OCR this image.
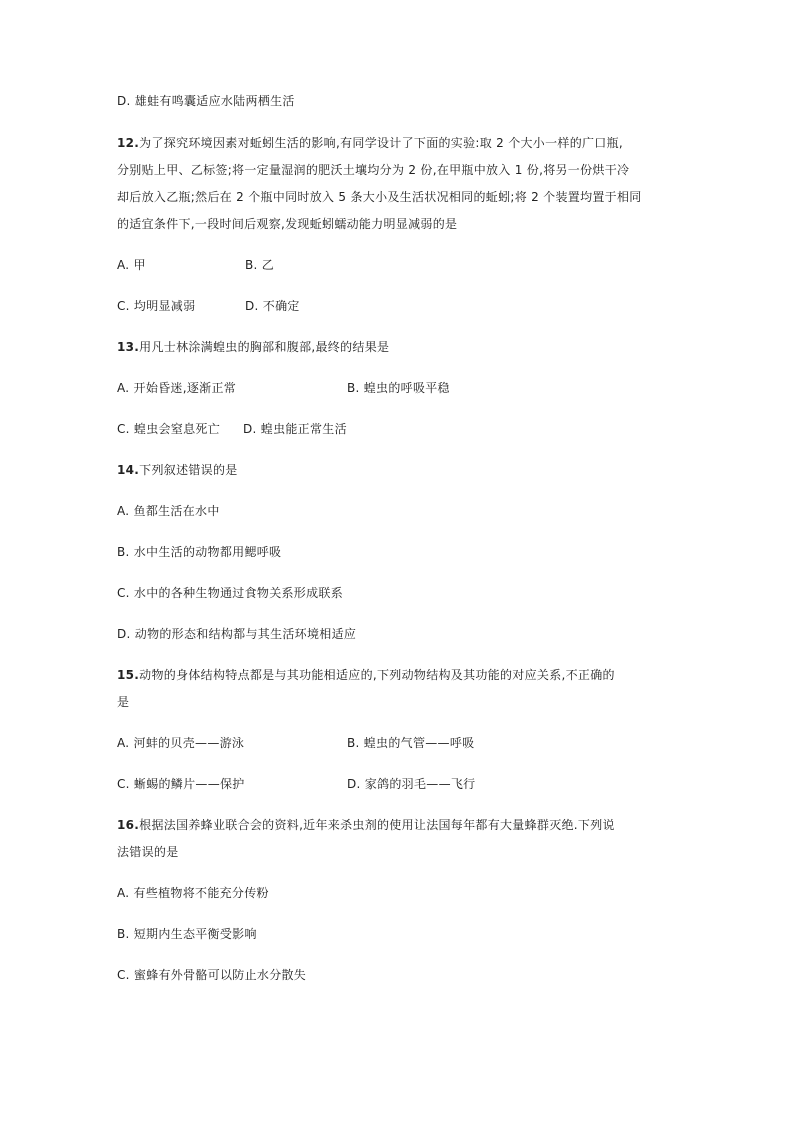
D. 雄蛙有鸣囊适应水陆两栖生活
12.为了探究环境因素对蚯蚓生活的影响,有同学设计了下面的实验:取 2 个大小一样的广口瓶,
分别贴上甲、乙标签;将一定量湿润的肥沃土壤均分为 2 份,在甲瓶中放入 1 份,将另一份烘干冷
却后放入乙瓶;然后在 2 个瓶中同时放入 5 条大小及生活状况相同的蚯蚓;将 2 个装置均置于相同
的适宜条件下,一段时间后观察,发现蚯蚓蠕动能力明显减弱的是
A. 甲	B. 乙
C. 均明显减弱	D. 不确定
13.用凡士林涂满蝗虫的胸部和腹部,最终的结果是
A. 开始昏迷,逐渐正常	B. 蝗虫的呼吸平稳
C. 蝗虫会窒息死亡 D. 蝗虫能正常生活
14.下列叙述错误的是
A. 鱼都生活在水中
B. 水中生活的动物都用鳃呼吸
C. 水中的各种生物通过食物关系形成联系
D. 动物的形态和结构都与其生活环境相适应
15.动物的身体结构特点都是与其功能相适应的,下列动物结构及其功能的对应关系,不正确的
是
A. 河蚌的贝壳——游泳	B. 蝗虫的气管——呼吸
C. 蜥蜴的鳞片——保护	D. 家鸽的羽毛——飞行
16.根据法国养蜂业联合会的资料,近年来杀虫剂的使用让法国每年都有大量蜂群灭绝.下列说
法错误的是
A. 有些植物将不能充分传粉
B. 短期内生态平衡受影响
C. 蜜蜂有外骨骼可以防止水分散失
